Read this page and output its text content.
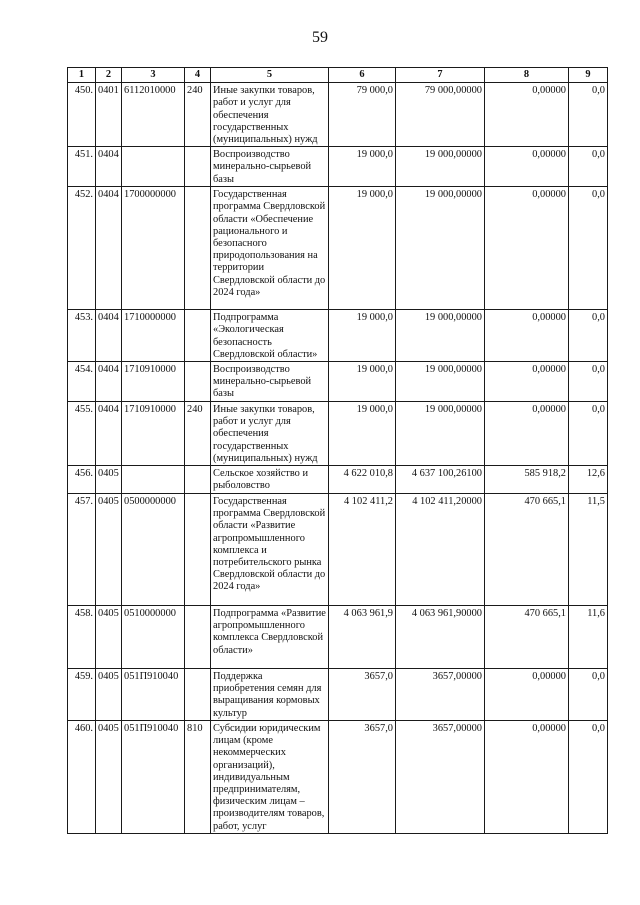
59
1	2	3	4	5	6	7	8	9
450.	0401	6112010000	240	Иные закупки товаров, работ и услуг для обеспечения государственных (муниципальных) нужд	79 000,0	79 000,00000	0,00000	0,0
451.	0404			Воспроизводство минерально-сырьевой базы	19 000,0	19 000,00000	0,00000	0,0
452.	0404	1700000000		Государственная программа Свердловской области «Обеспечение рационального и безопасного природопользования на территории Свердловской области до 2024 года»	19 000,0	19 000,00000	0,00000	0,0
453.	0404	1710000000		Подпрограмма «Экологическая безопасность Свердловской области»	19 000,0	19 000,00000	0,00000	0,0
454.	0404	1710910000		Воспроизводство минерально-сырьевой базы	19 000,0	19 000,00000	0,00000	0,0
455.	0404	1710910000	240	Иные закупки товаров, работ и услуг для обеспечения государственных (муниципальных) нужд	19 000,0	19 000,00000	0,00000	0,0
456.	0405			Сельское хозяйство и рыболовство	4 622 010,8	4 637 100,26100	585 918,2	12,6
457.	0405	0500000000		Государственная программа Свердловской области «Развитие агропромышленного комплекса и потребительского рынка Свердловской области до 2024 года»	4 102 411,2	4 102 411,20000	470 665,1	11,5
458.	0405	0510000000		Подпрограмма «Развитие агропромышленного комплекса Свердловской области»	4 063 961,9	4 063 961,90000	470 665,1	11,6
459.	0405	051П910040		Поддержка приобретения семян для выращивания кормовых культур	3657,0	3657,00000	0,00000	0,0
460.	0405	051П910040	810	Субсидии юридическим лицам (кроме некоммерческих организаций), индивидуальным предпринимателям, физическим лицам – производителям товаров, работ, услуг	3657,0	3657,00000	0,00000	0,0
